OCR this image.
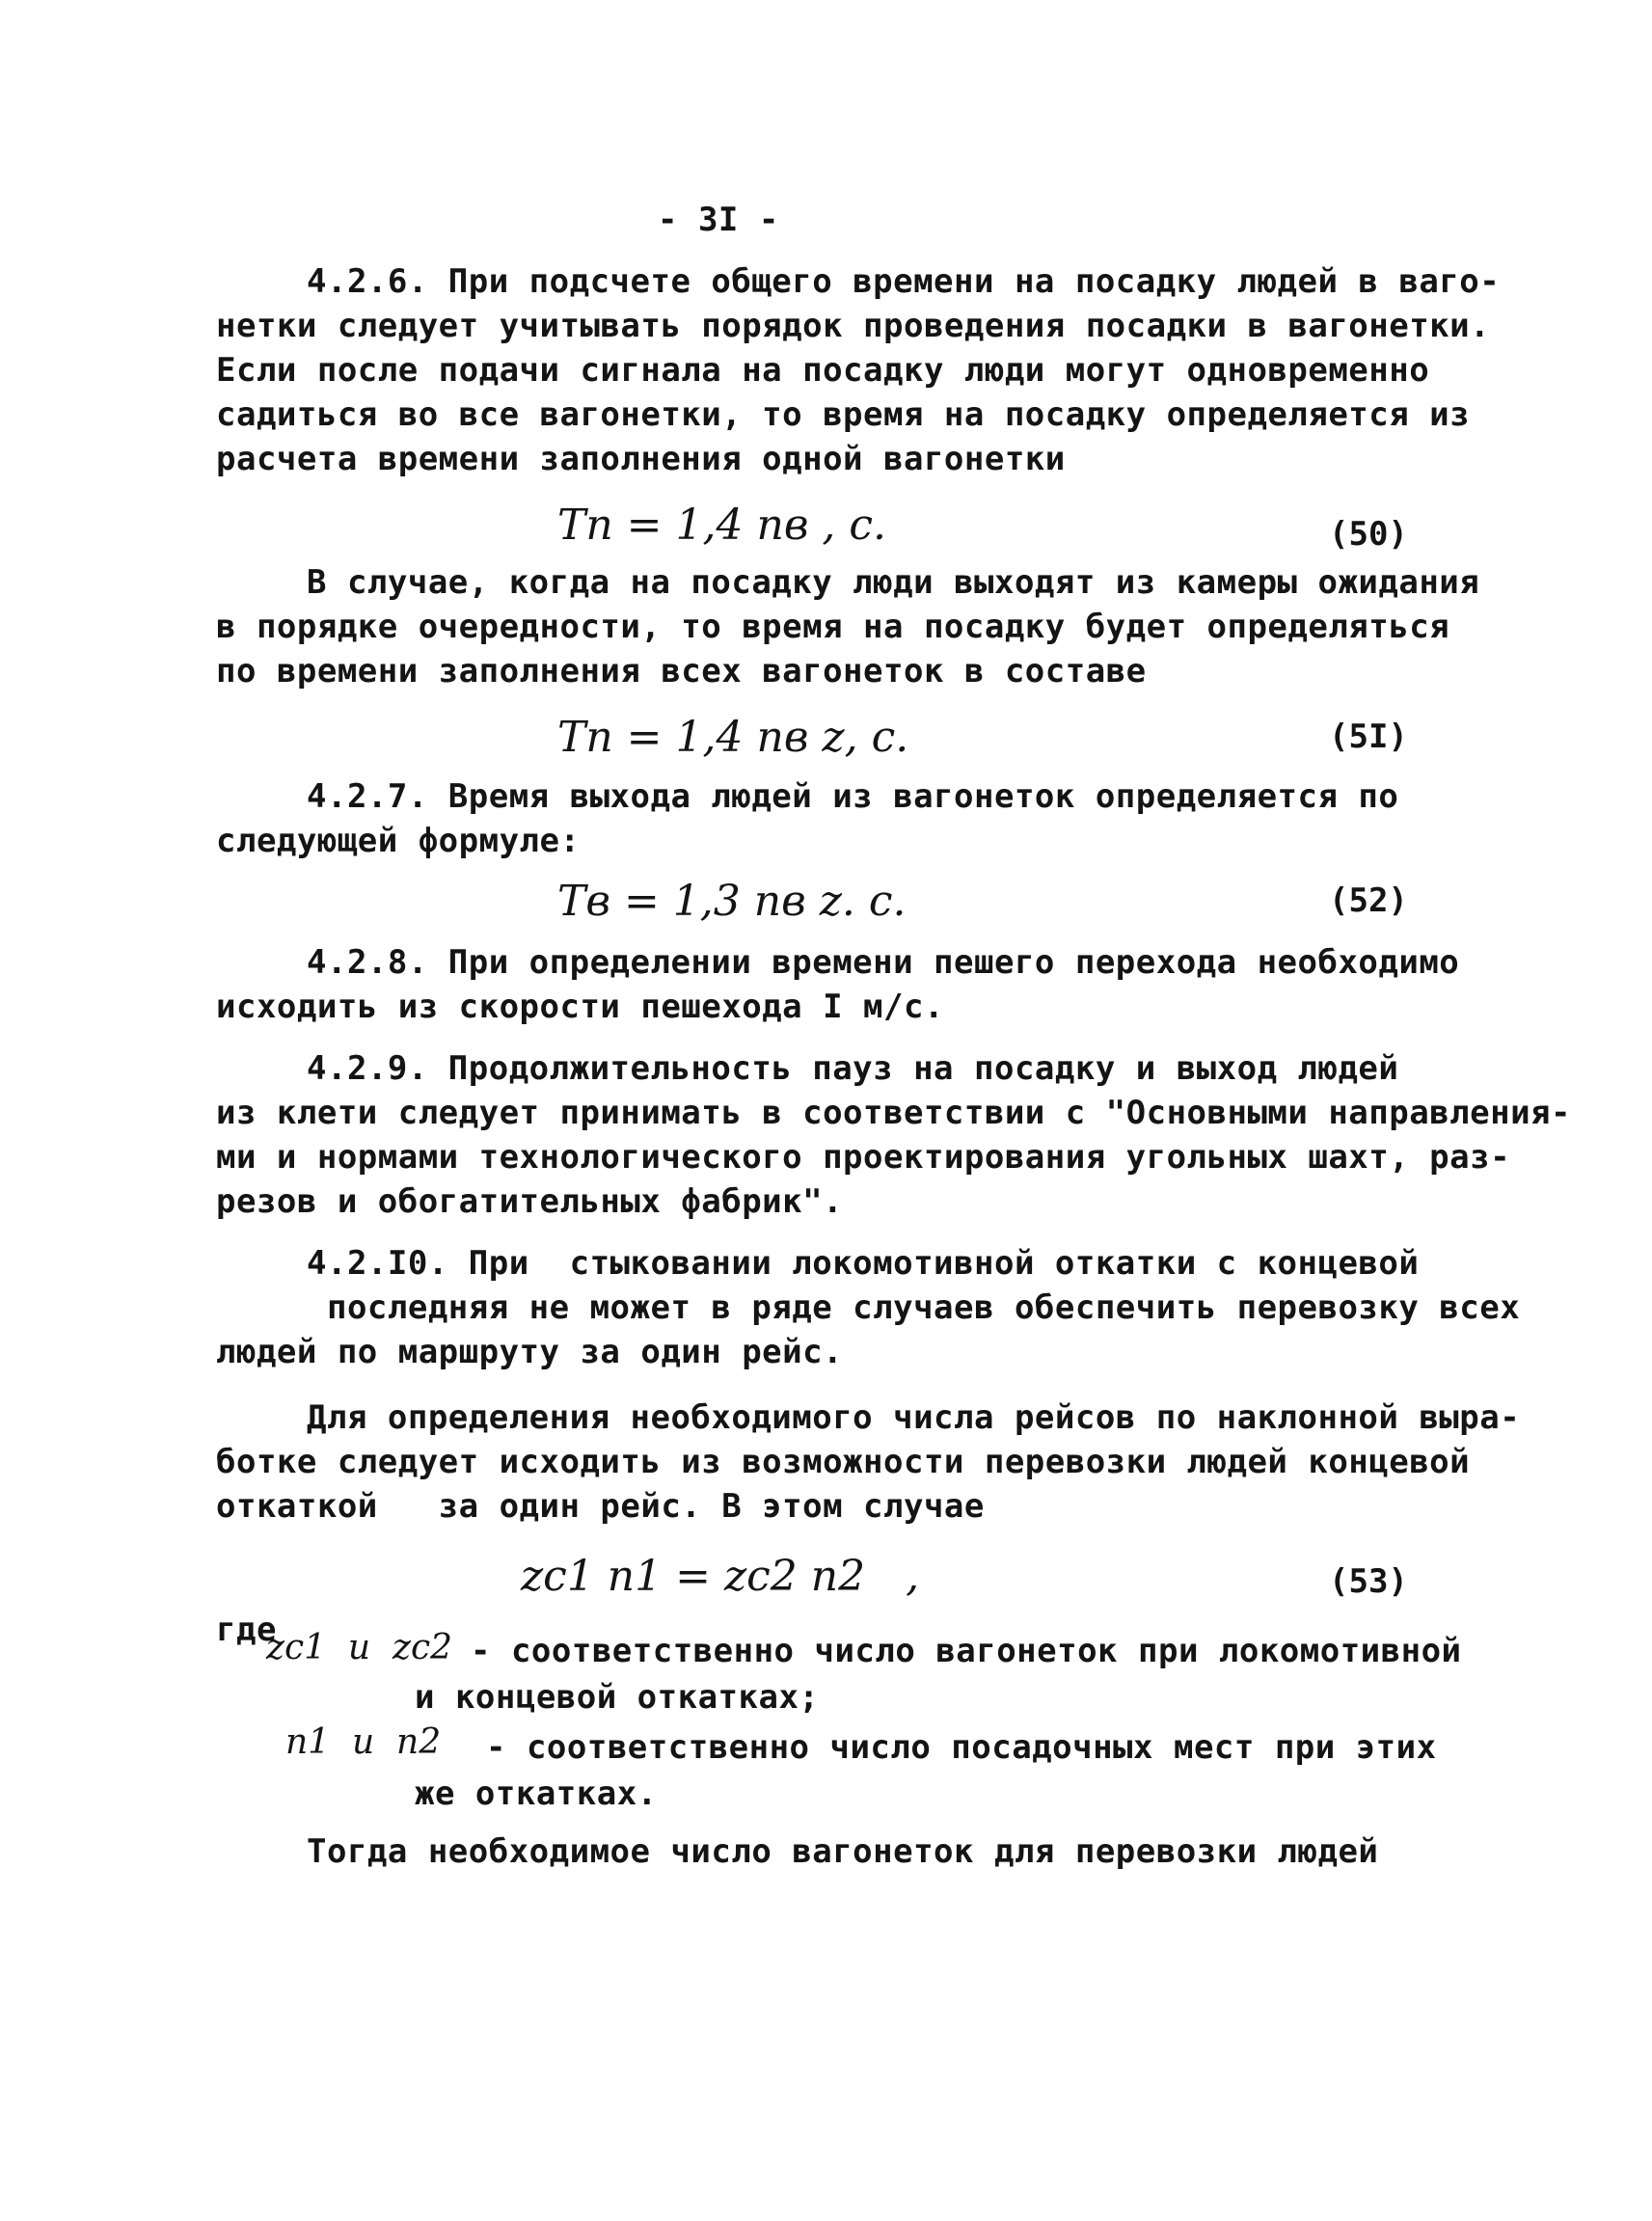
- 3I -
4.2.6. При подсчете общего времени на посадку людей в ваго-
нетки следует учитывать порядок проведения посадки в вагонетки.
Если после подачи сигнала на посадку люди могут одновременно
садиться во все вагонетки, то время на посадку определяется из
расчета времени заполнения одной вагонетки
Tп = 1,4 nв , с.	(50)
В случае, когда на посадку люди выходят из камеры ожидания
в порядке очередности, то время на посадку будет определяться
по времени заполнения всех вагонеток в составе
Tп = 1,4 nв z, с.	(5I)
4.2.7. Время выхода людей из вагонеток определяется по
следующей формуле:
Tв = 1,3 nв z. с.	(52)
4.2.8. При определении времени пешего перехода необходимо
исходить из скорости пешехода I м/с.
4.2.9. Продолжительность пауз на посадку и выход людей
из клети следует принимать в соответствии с "Основными направления-
ми и нормами технологического проектирования угольных шахт, раз-
резов и обогатительных фабрик".
4.2.I0. При  стыковании локомотивной откатки с концевой
последняя не может в ряде случаев обеспечить перевозку всех
людей по маршруту за один рейс.
Для определения необходимого числа рейсов по наклонной выра-
ботке следует исходить из возможности перевозки людей концевой
откаткой   за один рейс. В этом случае
zc1 n1 = zc2 n2   ,	(53)
где
zc1  и  zc2 - соответственно число вагонеток при локомотивной
и концевой откатках;
n1  и  n2 - соответственно число посадочных мест при этих
же откатках.
Тогда необходимое число вагонеток для перевозки людей
